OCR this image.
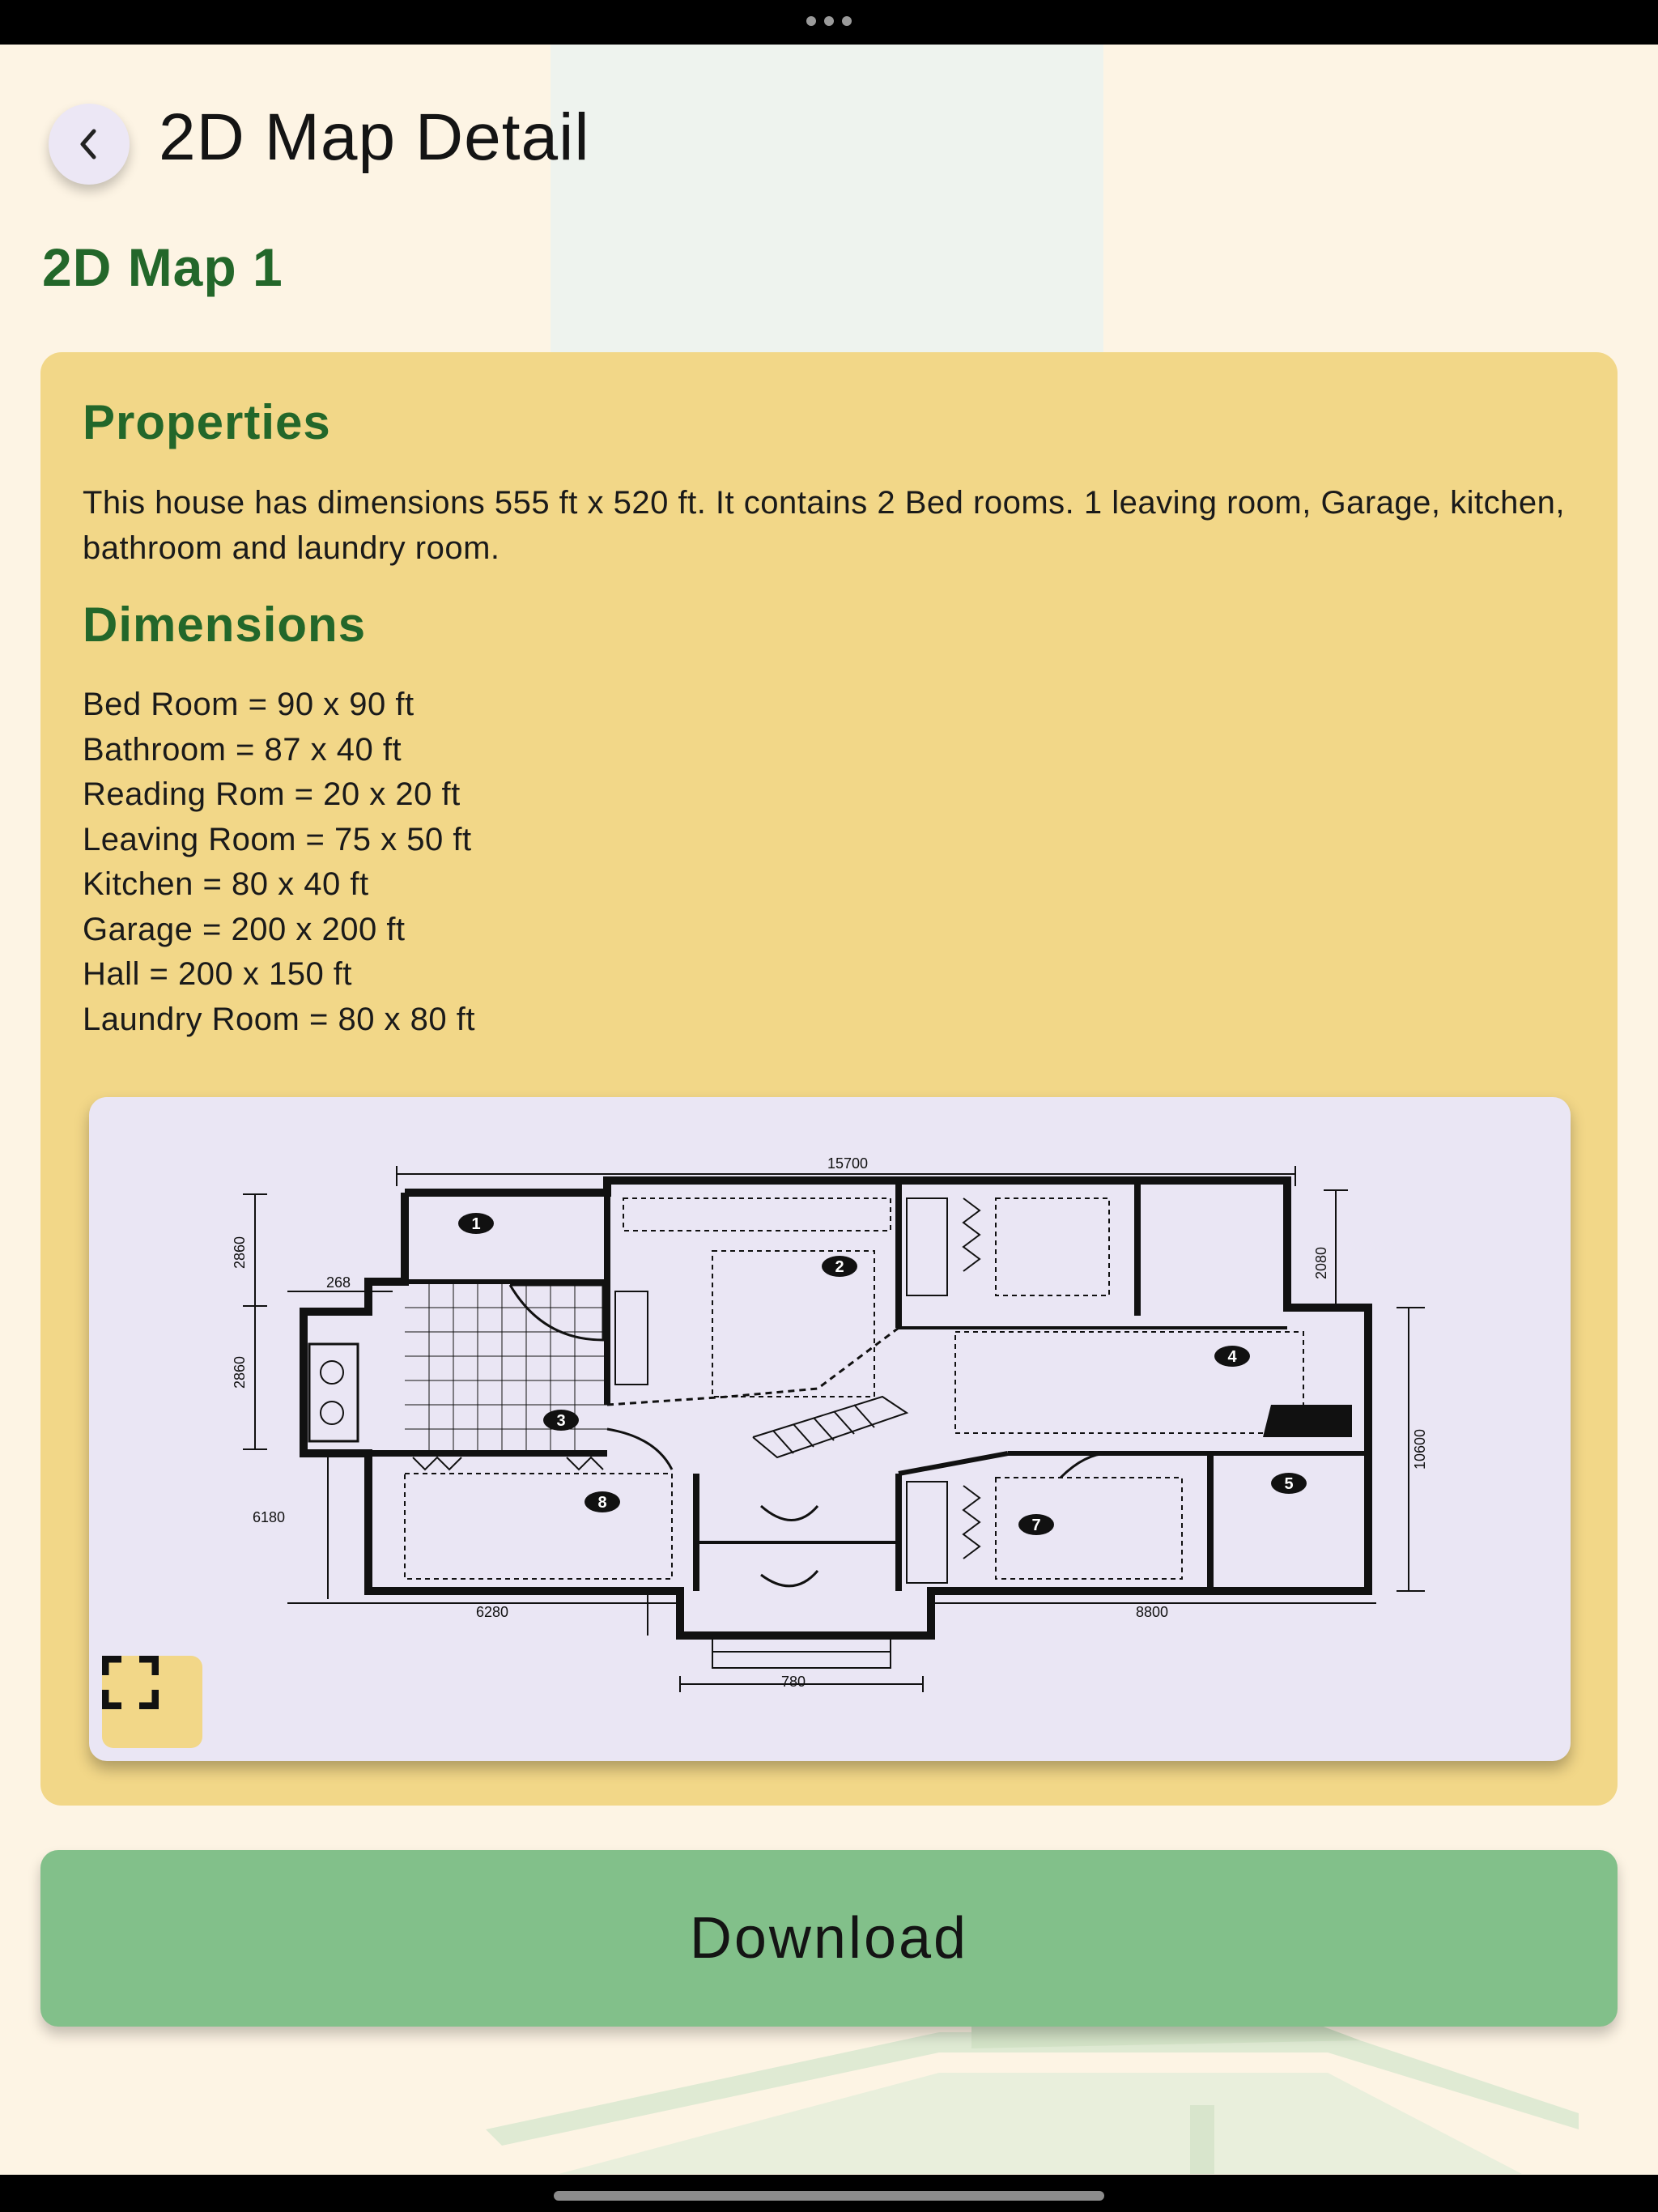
2D Map Detail
2D Map 1
Properties
This house has dimensions 555 ft x 520 ft. It contains 2 Bed rooms. 1 leaving room, Garage, kitchen, bathroom and laundry room.
Dimensions
Bed Room = 90 x 90 ft
Bathroom = 87 x 40 ft
Reading Rom = 20 x 20 ft
Leaving Room = 75 x 50 ft
Kitchen = 80 x 40 ft
Garage = 200 x 200 ft
Hall = 200 x 150 ft
Laundry Room = 80 x 80 ft
1
2
3
4
5
7
8
15700
268
6180
6280	8800
780
2860
2860
2080
10600
Download
